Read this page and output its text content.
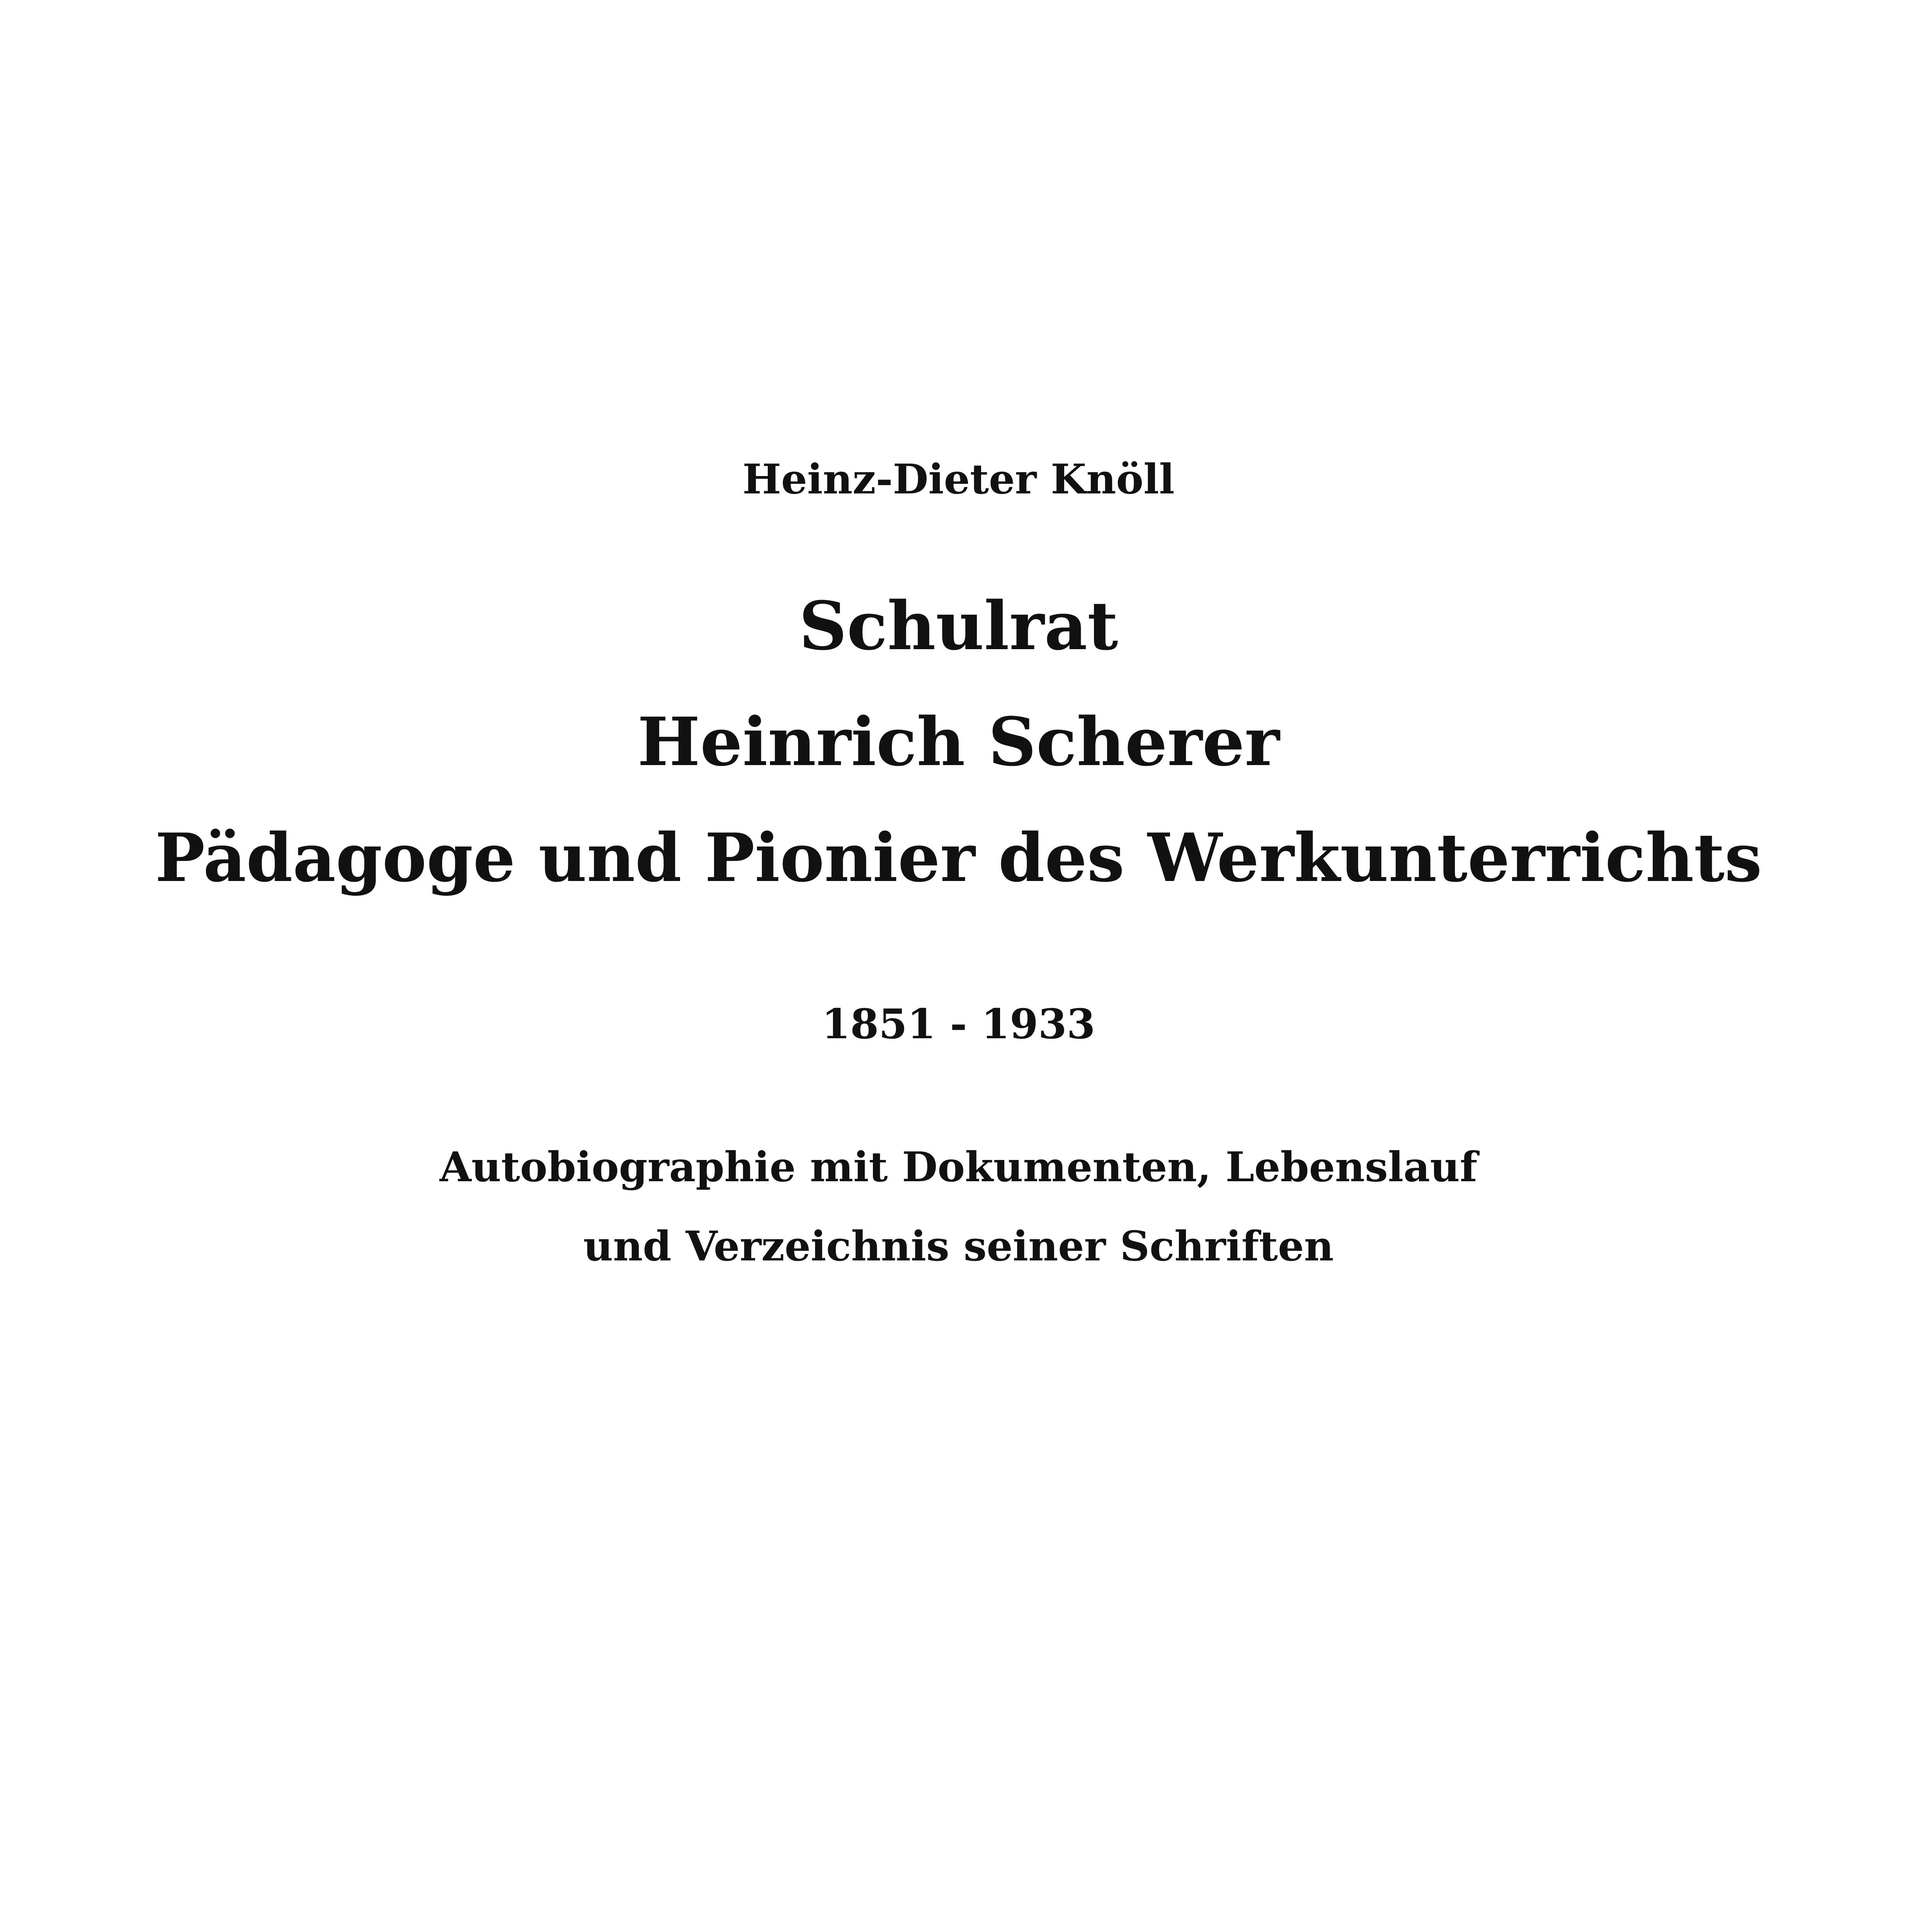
Heinz-Dieter Knöll

Schulrat
Heinrich Scherer
Pädagoge und Pionier des Werkunterrichts

1851 - 1933

Autobiographie mit Dokumenten, Lebenslauf

und Verzeichnis seiner Schriften
